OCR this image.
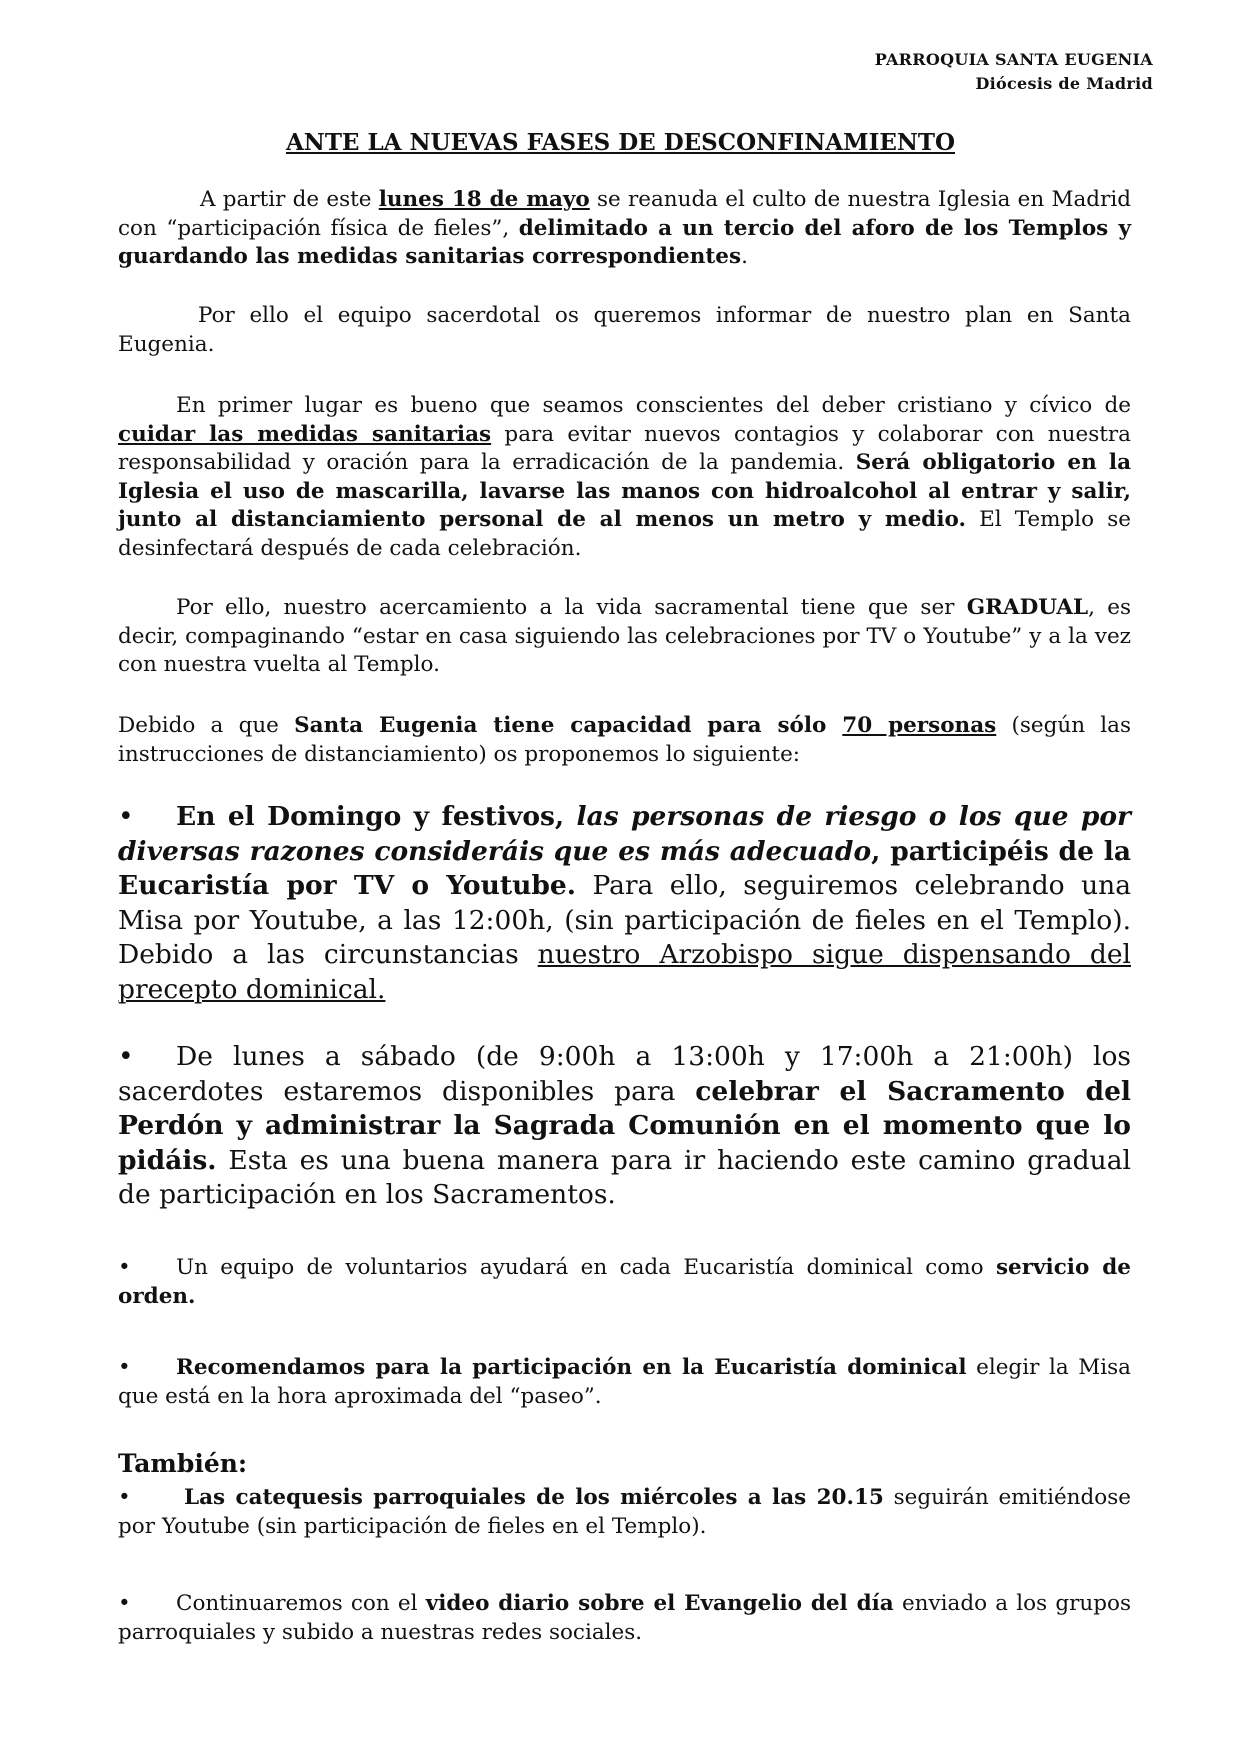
PARROQUIA SANTA EUGENIA
Diócesis de Madrid
ANTE LA NUEVAS FASES DE DESCONFINAMIENTO

A partir de este lunes 18 de mayo se reanuda el culto de nuestra Iglesia en Madrid con “participación física de fieles”, delimitado a un tercio del aforo de los Templos y guardando las medidas sanitarias correspondientes.

Por ello el equipo sacerdotal os queremos informar de nuestro plan en Santa Eugenia.

En primer lugar es bueno que seamos conscientes del deber cristiano y cívico de cuidar las medidas sanitarias para evitar nuevos contagios y colaborar con nuestra responsabilidad y oración para la erradicación de la pandemia. Será obligatorio en la Iglesia el uso de mascarilla, lavarse las manos con hidroalcohol al entrar y salir, junto al distanciamiento personal de al menos un metro y medio. El Templo se desinfectará después de cada celebración.

Por ello, nuestro acercamiento a la vida sacramental tiene que ser GRADUAL, es decir, compaginando “estar en casa siguiendo las celebraciones por TV o Youtube” y a la vez con nuestra vuelta al Templo.

Debido a que Santa Eugenia tiene capacidad para sólo 70 personas (según las instrucciones de distanciamiento) os proponemos lo siguiente:

•En el Domingo y festivos, las personas de riesgo o los que por diversas razones consideráis que es más adecuado, participéis de la Eucaristía por TV o Youtube. Para ello, seguiremos celebrando una Misa por Youtube, a las 12:00h, (sin participación de fieles en el Templo). Debido a las circunstancias nuestro Arzobispo sigue dispensando del precepto dominical.

•De lunes a sábado (de 9:00h a 13:00h y 17:00h a 21:00h) los sacerdotes estaremos disponibles para celebrar el Sacramento del Perdón y administrar la Sagrada Comunión en el momento que lo pidáis. Esta es una buena manera para ir haciendo este camino gradual de participación en los Sacramentos.

•Un equipo de voluntarios ayudará en cada Eucaristía dominical como servicio de orden.

•Recomendamos para la participación en la Eucaristía dominical elegir la Misa que está en la hora aproximada del “paseo”.

También:

•Las catequesis parroquiales de los miércoles a las 20.15 seguirán emitiéndose por Youtube (sin participación de fieles en el Templo).

•Continuaremos con el video diario sobre el Evangelio del día enviado a los grupos parroquiales y subido a nuestras redes sociales.
